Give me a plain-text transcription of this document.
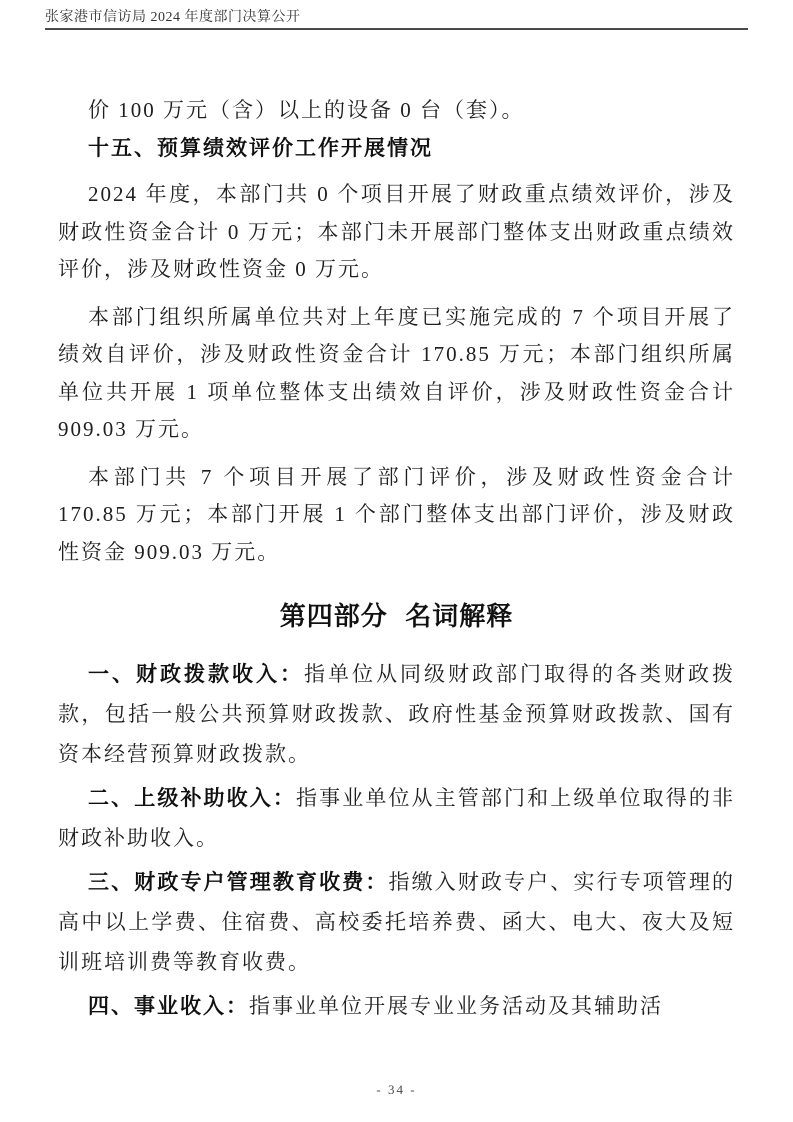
张家港市信访局 2024 年度部门决算公开

价 100 万元（含）以上的设备 0 台（套）。

十五、预算绩效评价工作开展情况

2024 年度，本部门共 0 个项目开展了财政重点绩效评价，涉及财政性资金合计 0 万元；本部门未开展部门整体支出财政重点绩效评价，涉及财政性资金 0 万元。

本部门组织所属单位共对上年度已实施完成的 7 个项目开展了绩效自评价，涉及财政性资金合计 170.85 万元；本部门组织所属单位共开展 1 项单位整体支出绩效自评价，涉及财政性资金合计 909.03 万元。

本部门共 7 个项目开展了部门评价，涉及财政性资金合计 170.85 万元；本部门开展 1 个部门整体支出部门评价，涉及财政性资金 909.03 万元。

第四部分 名词解释

一、财政拨款收入：指单位从同级财政部门取得的各类财政拨款，包括一般公共预算财政拨款、政府性基金预算财政拨款、国有资本经营预算财政拨款。

二、上级补助收入：指事业单位从主管部门和上级单位取得的非财政补助收入。

三、财政专户管理教育收费：指缴入财政专户、实行专项管理的高中以上学费、住宿费、高校委托培养费、函大、电大、夜大及短训班培训费等教育收费。

四、事业收入：指事业单位开展专业业务活动及其辅助活

- 34 -
